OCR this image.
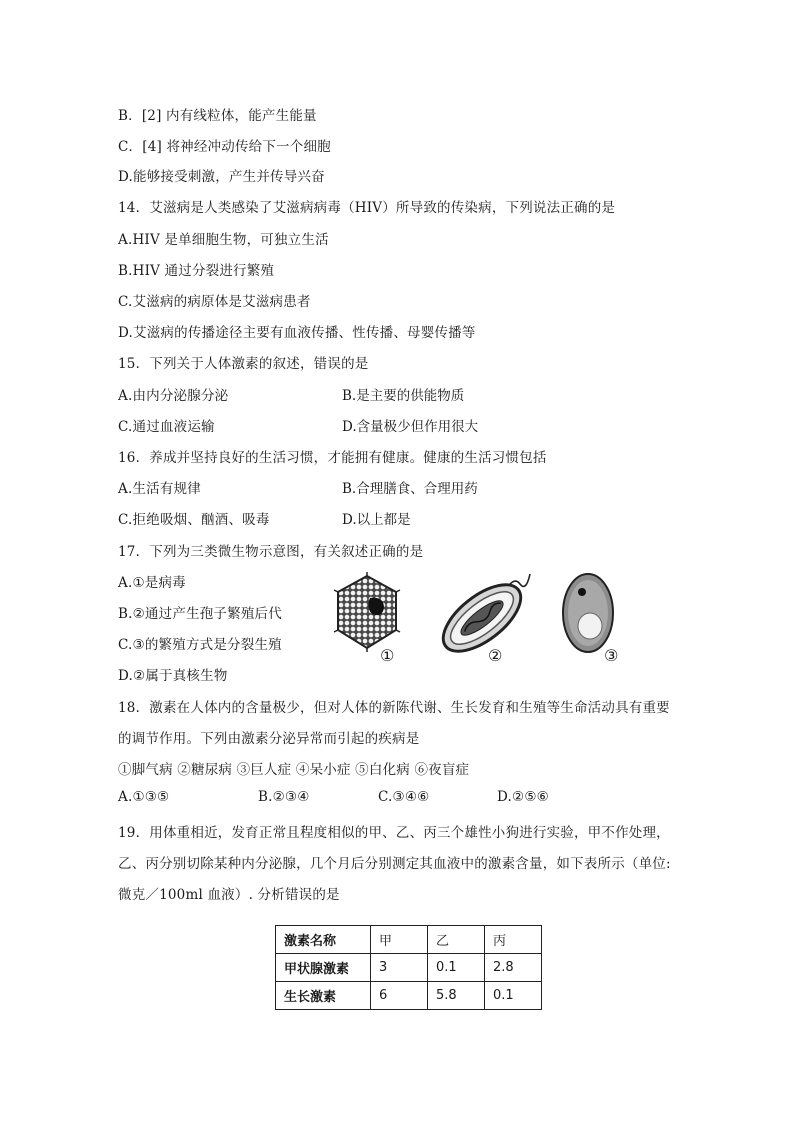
B．[2] 内有线粒体，能产生能量
C．[4] 将神经冲动传给下一个细胞
D.能够接受刺激，产生并传导兴奋
14．艾滋病是人类感染了艾滋病病毒（HIV）所导致的传染病，下列说法正确的是
A.HIV 是单细胞生物，可独立生活
B.HIV 通过分裂进行繁殖
C.艾滋病的病原体是艾滋病患者
D.艾滋病的传播途径主要有血液传播、性传播、母婴传播等
15．下列关于人体激素的叙述，错误的是
A.由内分泌腺分泌	B.是主要的供能物质
C.通过血液运输	D.含量极少但作用很大
16．养成并坚持良好的生活习惯，才能拥有健康。健康的生活习惯包括
A.生活有规律	B.合理膳食、合理用药
C.拒绝吸烟、酗酒、吸毒	D.以上都是
17．下列为三类微生物示意图，有关叙述正确的是
A.①是病毒
B.②通过产生孢子繁殖后代
C.③的繁殖方式是分裂生殖
D.②属于真核生物
①	②	③
18．激素在人体内的含量极少，但对人体的新陈代谢、生长发育和生殖等生命活动具有重要
的调节作用。下列由激素分泌异常而引起的疾病是
①脚气病 ②糖尿病 ③巨人症 ④呆小症 ⑤白化病 ⑥夜盲症
A.①③⑤	B.②③④	C.③④⑥	D.②⑤⑥
19．用体重相近，发育正常且程度相似的甲、乙、丙三个雄性小狗进行实验，甲不作处理，
乙、丙分别切除某种内分泌腺，几个月后分别测定其血液中的激素含量，如下表所示（单位:
微克／100ml 血液）. 分析错误的是
激素名称	甲	乙	丙
甲状腺激素	3	0.1	2.8
生长激素	6	5.8	0.1
